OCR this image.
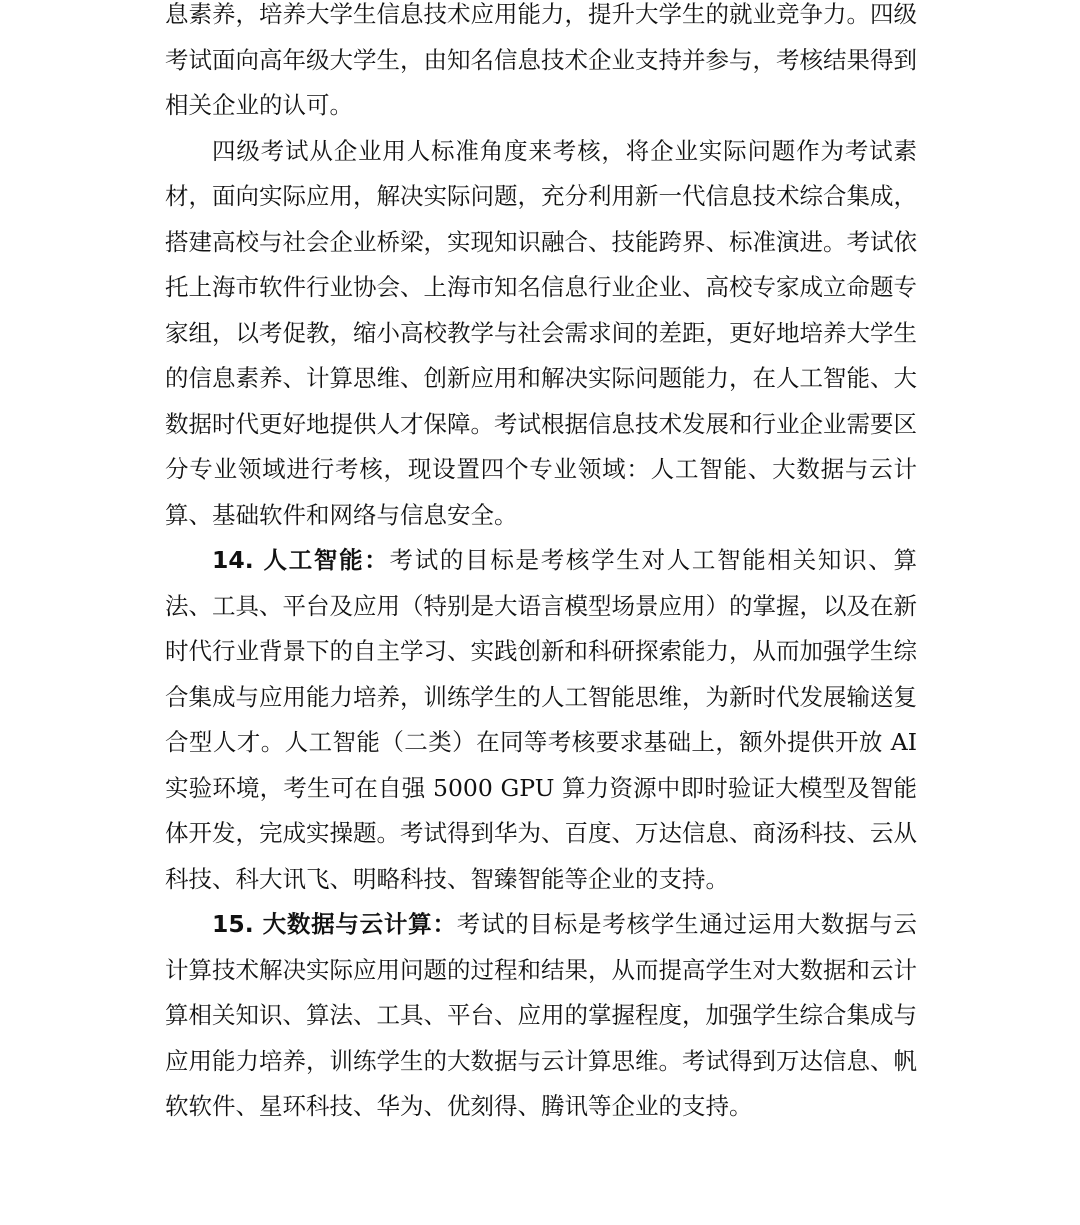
息素养，培养大学生信息技术应用能力，提升大学生的就业竞争力。四级考试面向高年级大学生，由知名信息技术企业支持并参与，考核结果得到相关企业的认可。

四级考试从企业用人标准角度来考核，将企业实际问题作为考试素材，面向实际应用，解决实际问题，充分利用新一代信息技术综合集成，搭建高校与社会企业桥梁，实现知识融合、技能跨界、标准演进。考试依托上海市软件行业协会、上海市知名信息行业企业、高校专家成立命题专家组，以考促教，缩小高校教学与社会需求间的差距，更好地培养大学生的信息素养、计算思维、创新应用和解决实际问题能力，在人工智能、大数据时代更好地提供人才保障。考试根据信息技术发展和行业企业需要区分专业领域进行考核，现设置四个专业领域：人工智能、大数据与云计算、基础软件和网络与信息安全。

14. 人工智能：考试的目标是考核学生对人工智能相关知识、算法、工具、平台及应用（特别是大语言模型场景应用）的掌握，以及在新时代行业背景下的自主学习、实践创新和科研探索能力，从而加强学生综合集成与应用能力培养，训练学生的人工智能思维，为新时代发展输送复合型人才。人工智能（二类）在同等考核要求基础上，额外提供开放 AI 实验环境，考生可在自强 5000 GPU 算力资源中即时验证大模型及智能体开发，完成实操题。考试得到华为、百度、万达信息、商汤科技、云从科技、科大讯飞、明略科技、智臻智能等企业的支持。

15. 大数据与云计算：考试的目标是考核学生通过运用大数据与云计算技术解决实际应用问题的过程和结果，从而提高学生对大数据和云计算相关知识、算法、工具、平台、应用的掌握程度，加强学生综合集成与应用能力培养，训练学生的大数据与云计算思维。考试得到万达信息、帆软软件、星环科技、华为、优刻得、腾讯等企业的支持。
